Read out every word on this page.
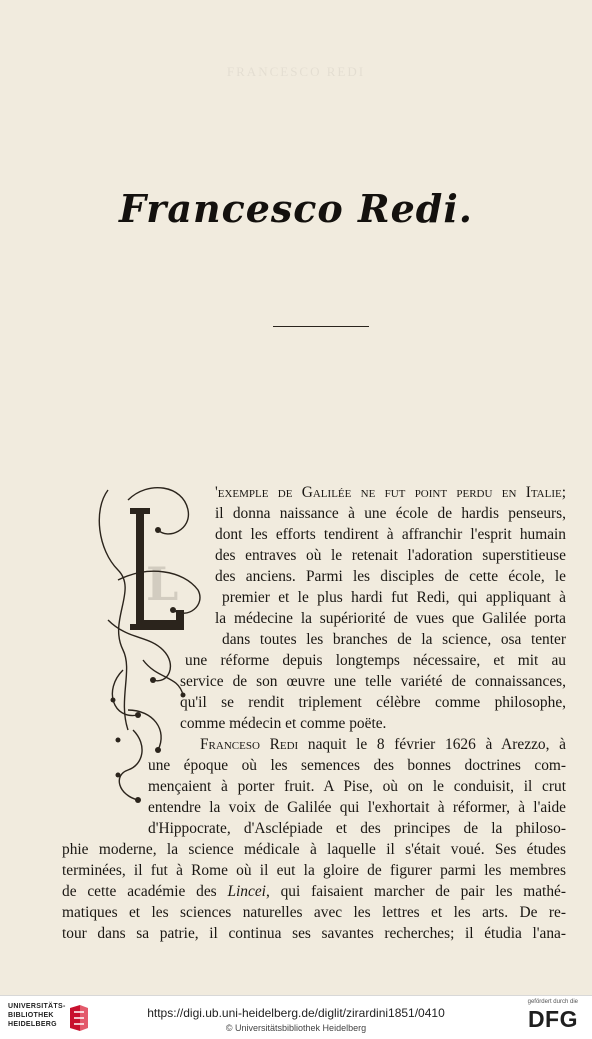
FRANCESCO REDI
Francesco Redi.
L
'exemple de Galilée ne fut point perdu en Italie;
il donna naissance à une école de hardis penseurs,
dont les efforts tendirent à affranchir l'esprit humain
des entraves où le retenait l'adoration superstitieuse
des anciens. Parmi les disciples de cette école, le
premier et le plus hardi fut Redi, qui appliquant à
la médecine la supériorité de vues que Galilée porta
dans toutes les branches de la science, osa tenter
une réforme depuis longtemps nécessaire, et mit au
service de son œuvre une telle variété de connaissances,
qu'il se rendit triplement célèbre comme philosophe,
comme médecin et comme poëte.
Franceso Redi naquit le 8 février 1626 à Arezzo, à
une époque où les semences des bonnes doctrines com-
mençaient à porter fruit. A Pise, où on le conduisit, il crut
entendre la voix de Galilée qui l'exhortait à réformer, à l'aide
d'Hippocrate, d'Asclépiade et des principes de la philoso-
phie moderne, la science médicale à laquelle il s'était voué. Ses études
terminées, il fut à Rome où il eut la gloire de figurer parmi les membres
de cette académie des Lincei, qui faisaient marcher de pair les mathé-
matiques et les sciences naturelles avec les lettres et les arts. De re-
tour dans sa patrie, il continua ses savantes recherches; il étudia l'ana-
UNIVERSITÄTS-
BIBLIOTHEK
HEIDELBERG
https://digi.ub.uni-heidelberg.de/diglit/zirardini1851/0410
© Universitätsbibliothek Heidelberg
gefördert durch die
DFG
